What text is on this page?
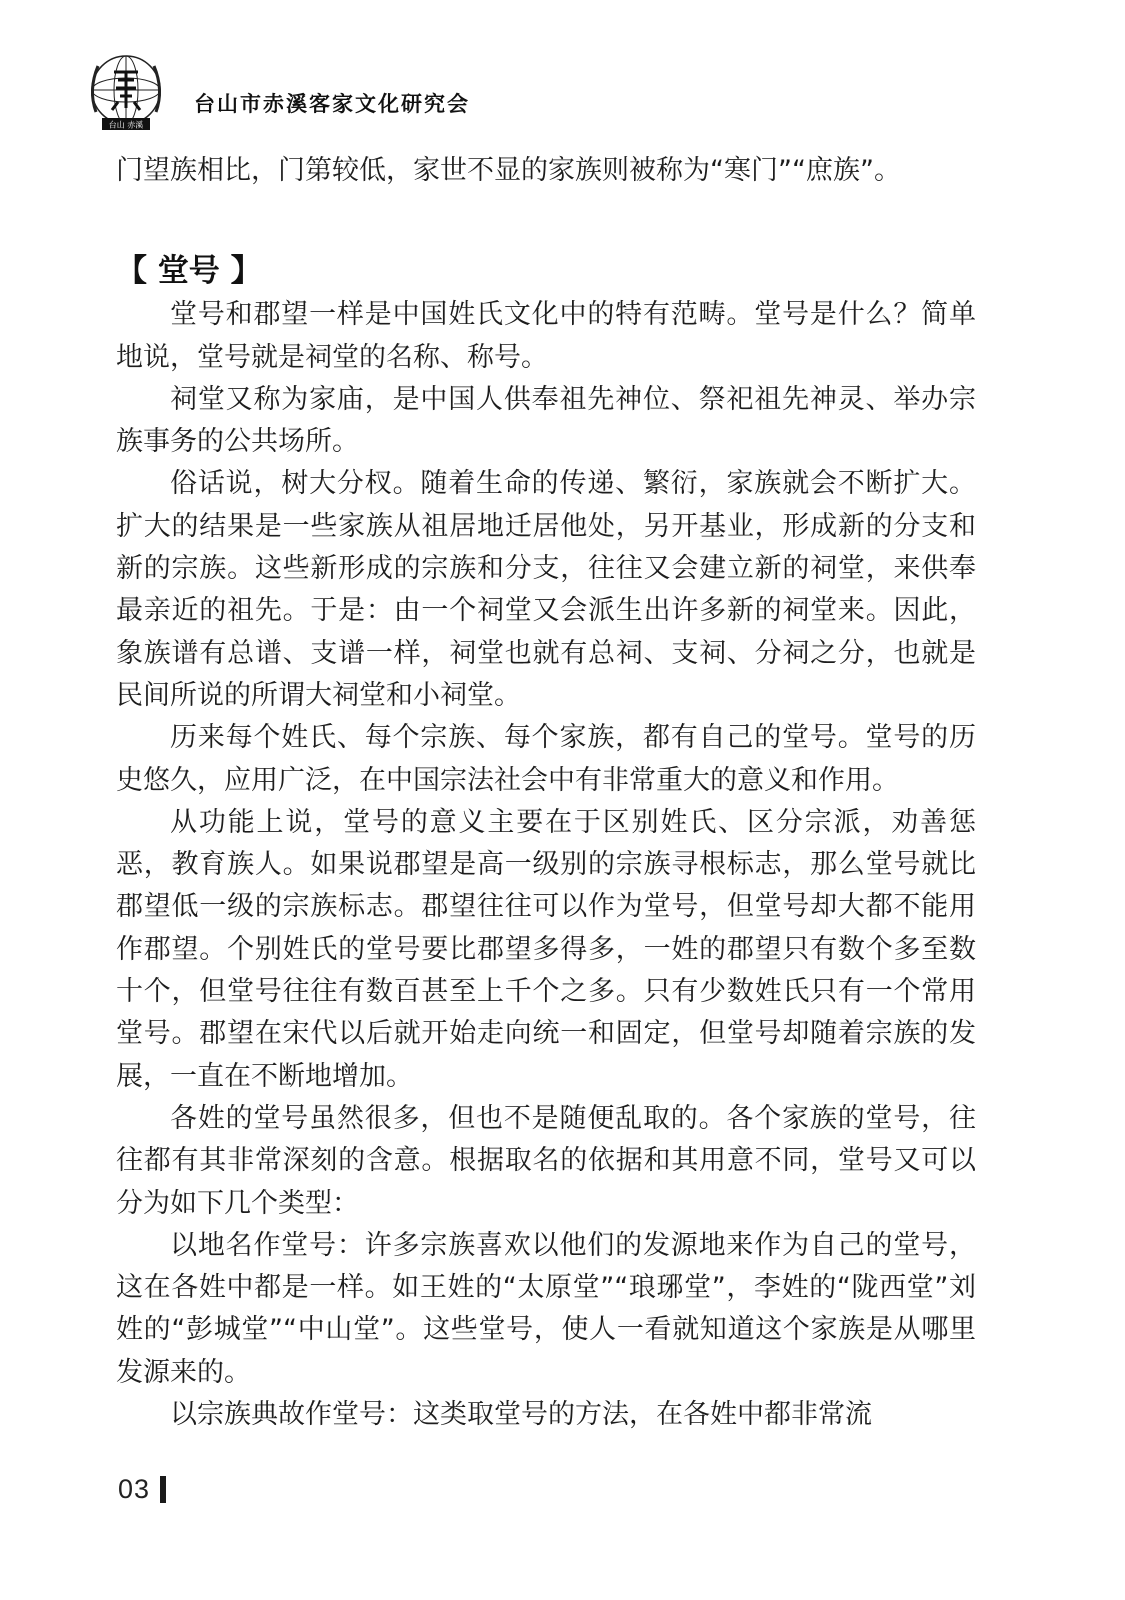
台山 赤溪
台山市赤溪客家文化研究会

门望族相比，门第较低，家世不显的家族则被称为“寒门”“庶族”。

【 堂号 】

堂号和郡望一样是中国姓氏文化中的特有范畴。堂号是什么？简单地说，堂号就是祠堂的名称、称号。

祠堂又称为家庙，是中国人供奉祖先神位、祭祀祖先神灵、举办宗族事务的公共场所。

俗话说，树大分杈。随着生命的传递、繁衍，家族就会不断扩大。扩大的结果是一些家族从祖居地迁居他处，另开基业，形成新的分支和新的宗族。这些新形成的宗族和分支，往往又会建立新的祠堂，来供奉最亲近的祖先。于是：由一个祠堂又会派生出许多新的祠堂来。因此，象族谱有总谱、支谱一样，祠堂也就有总祠、支祠、分祠之分，也就是民间所说的所谓大祠堂和小祠堂。

历来每个姓氏、每个宗族、每个家族，都有自己的堂号。堂号的历史悠久，应用广泛，在中国宗法社会中有非常重大的意义和作用。

从功能上说，堂号的意义主要在于区别姓氏、区分宗派，劝善惩恶，教育族人。如果说郡望是高一级别的宗族寻根标志，那么堂号就比郡望低一级的宗族标志。郡望往往可以作为堂号，但堂号却大都不能用作郡望。个别姓氏的堂号要比郡望多得多，一姓的郡望只有数个多至数十个，但堂号往往有数百甚至上千个之多。只有少数姓氏只有一个常用堂号。郡望在宋代以后就开始走向统一和固定，但堂号却随着宗族的发展，一直在不断地增加。

各姓的堂号虽然很多，但也不是随便乱取的。各个家族的堂号，往往都有其非常深刻的含意。根据取名的依据和其用意不同，堂号又可以分为如下几个类型：

以地名作堂号：许多宗族喜欢以他们的发源地来作为自己的堂号，这在各姓中都是一样。如王姓的“太原堂”“琅琊堂”，李姓的“陇西堂”刘姓的“彭城堂”“中山堂”。这些堂号，使人一看就知道这个家族是从哪里发源来的。

以宗族典故作堂号：这类取堂号的方法，在各姓中都非常流

03
